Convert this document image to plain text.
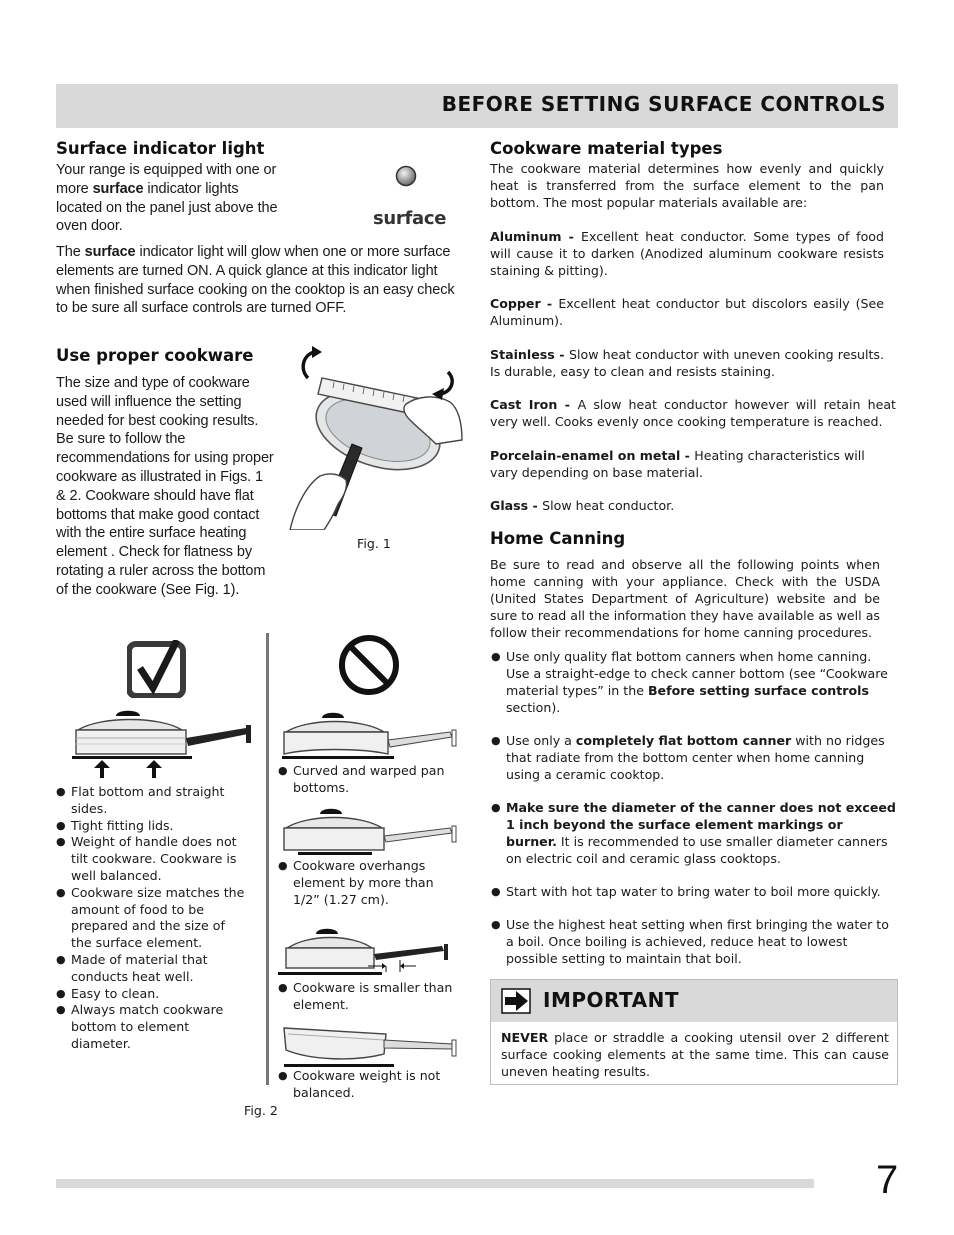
BEFORE SETTING SURFACE CONTROLS
Surface indicator light

Your range is equipped with one or more surface indicator lights located on the panel just above the oven door.	surface

The surface indicator light will glow when one or more surface elements are turned ON. A quick glance at this indicator light when finished surface cooking on the cooktop is an easy check to be sure all surface controls are turned OFF.

Use proper cookware

The size and type of cookware used will influence the setting needed for best cooking results. Be sure to follow the recommendations for using proper cookware as illustrated in Figs. 1 & 2. Cookware should have flat bottoms that make good contact with the entire surface heating element . Check for flatness by rotating a ruler across the bottom of the cookware (See Fig. 1).

Fig. 1
● Flat bottom and straight sides.
● Tight fitting lids.
● Weight of handle does not tilt cookware. Cookware is well balanced.
● Cookware size matches the amount of food to be prepared and the size of the surface element.
● Made of material that conducts heat well.
● Easy to clean.
● Always match cookware bottom to element diameter.
● Curved and warped pan bottoms.
● Cookware overhangs element by more than 1/2” (1.27 cm).
● Cookware is smaller than element.
● Cookware weight is not balanced.
Fig. 2
Cookware material types

The cookware material determines how evenly and quickly heat is transferred from the surface element to the pan bottom. The most popular materials available are:

Aluminum - Excellent heat conductor. Some types of food will cause it to darken (Anodized aluminum cookware resists staining & pitting).

Copper - Excellent heat conductor but discolors easily (See Aluminum).

Stainless - Slow heat conductor with uneven cooking results. Is durable, easy to clean and resists staining.

Cast Iron - A slow heat conductor however will retain heat very well. Cooks evenly once cooking temperature is reached.

Porcelain-enamel on metal - Heating characteristics will vary depending on base material.

Glass - Slow heat conductor.

Home Canning

Be sure to read and observe all the following points when home canning with your appliance. Check with the USDA (United States Department of Agriculture) website and be sure to read all the information they have available as well as follow their recommendations for home canning procedures.

● Use only quality flat bottom canners when home canning. Use a straight-edge to check canner bottom (see “Cookware material types” in the Before setting surface controls section).
● Use only a completely flat bottom canner with no ridges that radiate from the bottom center when home canning using a ceramic cooktop.
● Make sure the diameter of the canner does not exceed 1 inch beyond the surface element markings or burner. It is recommended to use smaller diameter canners on electric coil and ceramic glass cooktops.
● Start with hot tap water to bring water to boil more quickly.
● Use the highest heat setting when first bringing the water to a boil. Once boiling is achieved, reduce heat to lowest possible setting to maintain that boil.
IMPORTANT

NEVER place or straddle a cooking utensil over 2 different surface cooking elements at the same time. This can cause uneven heating results.

7
